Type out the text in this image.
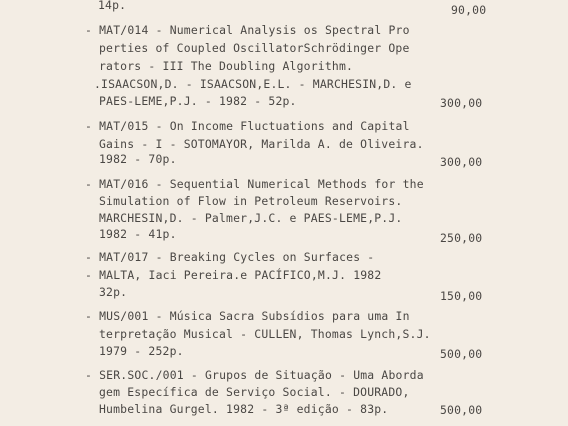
14p.	90,00
- MAT/014 - Numerical Analysis os Spectral Pro
perties of Coupled OscillatorSchrödinger Ope
rators - III The Doubling Algorithm.
.ISAACSON,D. - ISAACSON,E.L. - MARCHESIN,D. e
PAES-LEME,P.J. - 1982 - 52p.	300,00
- MAT/015 - On Income Fluctuations and Capital
Gains - I - SOTOMAYOR, Marilda A. de Oliveira.
1982 - 70p.	300,00
- MAT/016 - Sequential Numerical Methods for the
Simulation of Flow in Petroleum Reservoirs.
MARCHESIN,D. - Palmer,J.C. e PAES-LEME,P.J.
1982 - 41p.	250,00
- MAT/017 - Breaking Cycles on Surfaces -
- MALTA, Iaci Pereira.e PACÍFICO,M.J. 1982
32p.	150,00
- MUS/001 - Música Sacra Subsídios para uma In
terpretação Musical - CULLEN, Thomas Lynch,S.J.
1979 - 252p.	500,00
- SER.SOC./001 - Grupos de Situação - Uma Aborda
gem Específica de Serviço Social. - DOURADO,
Humbelina Gurgel. 1982 - 3ª edição - 83p.	500,00
